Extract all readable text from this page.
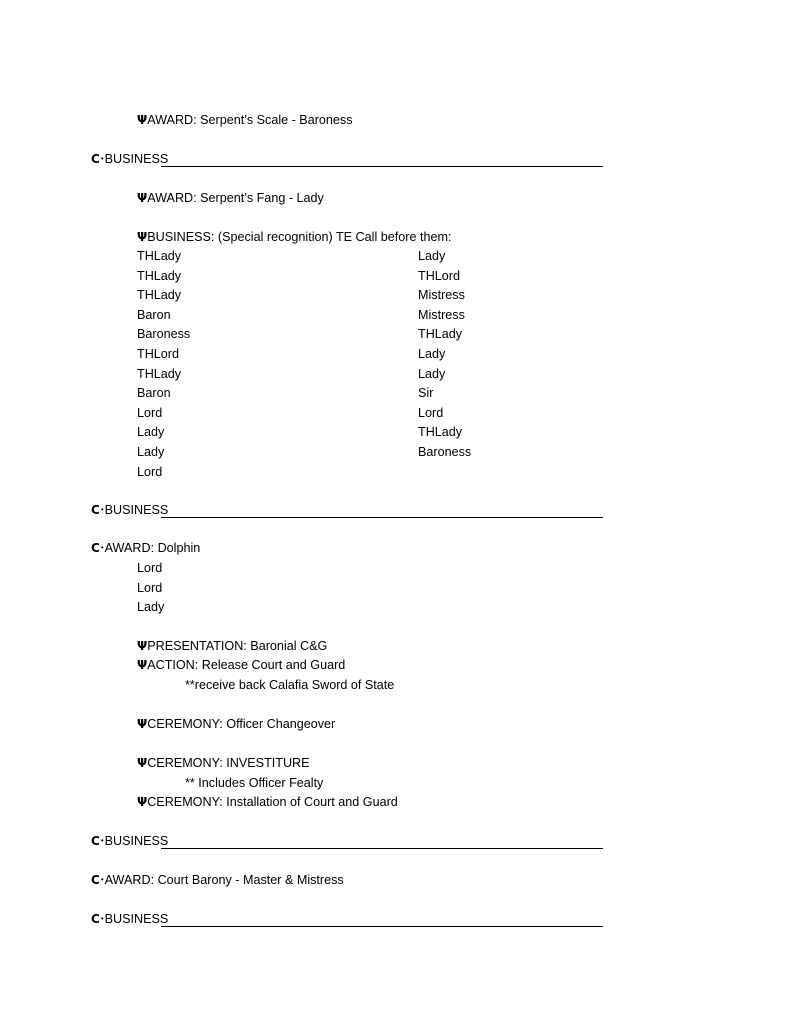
ΨAWARD: Serpent’s Scale - Baroness
C•BUSINESS
ΨAWARD: Serpent’s Fang - Lady
ΨBUSINESS: (Special recognition) TE Call before them:
THLady
THLady
THLady
Baron
Baroness
THLord
THLady
Baron
Lord
Lady
Lady
Lord
Lady
THLord
Mistress
Mistress
THLady
Lady
Lady
Sir
Lord
THLady
Baroness
C•BUSINESS
C•AWARD: Dolphin
Lord
Lord
Lady
ΨPRESENTATION: Baronial C&G
ΨACTION: Release Court and Guard
**receive back Calafia Sword of State
ΨCEREMONY: Officer Changeover
ΨCEREMONY: INVESTITURE
** Includes Officer Fealty
ΨCEREMONY: Installation of Court and Guard
C•BUSINESS
C•AWARD: Court Barony - Master & Mistress
C•BUSINESS
